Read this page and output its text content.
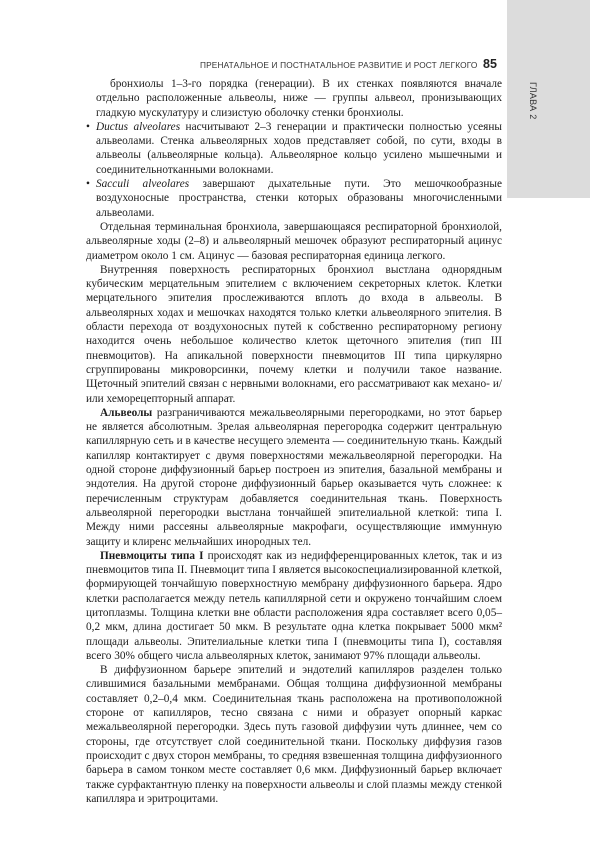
ГЛАВА 2
ПРЕНАТАЛЬНОЕ И ПОСТНАТАЛЬНОЕ РАЗВИТИЕ И РОСТ ЛЕГКОГО 85

бронхиолы 1–3-го порядка (генерации). В их стенках появляются вначале отдельно расположенные альвеолы, ниже — группы альвеол, пронизывающих гладкую мускулатуру и слизистую оболочку стенки бронхиолы.

• Ductus alveolares насчитывают 2–3 генерации и практически полностью усеяны альвеолами. Стенка альвеолярных ходов представляет собой, по сути, входы в альвеолы (альвеолярные кольца). Альвеолярное кольцо усилено мышечными и соединительнотканными волокнами.
• Sacculi alveolares завершают дыхательные пути. Это мешочкообразные воздухоносные пространства, стенки которых образованы многочисленными альвеолами.

Отдельная терминальная бронхиола, завершающаяся респираторной бронхиолой, альвеолярные ходы (2–8) и альвеолярный мешочек образуют респираторный ацинус диаметром около 1 см. Ацинус — базовая респираторная единица легкого.

Внутренняя поверхность респираторных бронхиол выстлана однорядным кубическим мерцательным эпителием с включением секреторных клеток. Клетки мерцательного эпителия прослеживаются вплоть до входа в альвеолы. В альвеолярных ходах и мешочках находятся только клетки альвеолярного эпителия. В области перехода от воздухоносных путей к собственно респираторному региону находится очень небольшое количество клеток щеточного эпителия (тип III пневмоцитов). На апикальной поверхности пневмоцитов III типа циркулярно сгруппированы микроворсинки, почему клетки и получили такое название. Щеточный эпителий связан с нервными волокнами, его рассматривают как механо- и/или хеморецепторный аппарат.

Альвеолы разграничиваются межальвеолярными перегородками, но этот барьер не является абсолютным. Зрелая альвеолярная перегородка содержит центральную капиллярную сеть и в качестве несущего элемента — соединительную ткань. Каждый капилляр контактирует с двумя поверхностями межальвеолярной перегородки. На одной стороне диффузионный барьер построен из эпителия, базальной мембраны и эндотелия. На другой стороне диффузионный барьер оказывается чуть сложнее: к перечисленным структурам добавляется соединительная ткань. Поверхность альвеолярной перегородки выстлана тончайшей эпителиальной клеткой: типа I. Между ними рассеяны альвеолярные макрофаги, осуществляющие иммунную защиту и клиренс мельчайших инородных тел.

Пневмоциты типа I происходят как из недифференцированных клеток, так и из пневмоцитов типа II. Пневмоцит типа I является высокоспециализированной клеткой, формирующей тончайшую поверхностную мембрану диффузионного барьера. Ядро клетки располагается между петель капиллярной сети и окружено тончайшим слоем цитоплазмы. Толщина клетки вне области расположения ядра составляет всего 0,05–0,2 мкм, длина достигает 50 мкм. В результате одна клетка покрывает 5000 мкм² площади альвеолы. Эпителиальные клетки типа I (пневмоциты типа I), составляя всего 30% общего числа альвеолярных клеток, занимают 97% площади альвеолы.

В диффузионном барьере эпителий и эндотелий капилляров разделен только слившимися базальными мембранами. Общая толщина диффузионной мембраны составляет 0,2–0,4 мкм. Соединительная ткань расположена на противоположной стороне от капилляров, тесно связана с ними и образует опорный каркас межальвеолярной перегородки. Здесь путь газовой диффузии чуть длиннее, чем со стороны, где отсутствует слой соединительной ткани. Поскольку диффузия газов происходит с двух сторон мембраны, то средняя взвешенная толщина диффузионного барьера в самом тонком месте составляет 0,6 мкм. Диффузионный барьер включает также сурфактантную пленку на поверхности альвеолы и слой плазмы между стенкой капилляра и эритроцитами.
